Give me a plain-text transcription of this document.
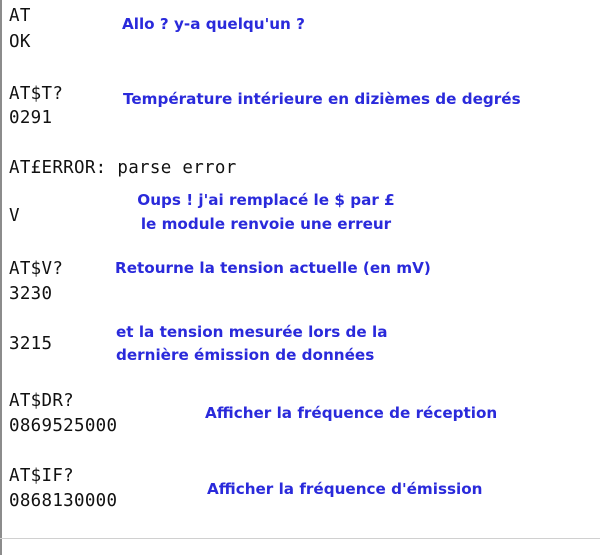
AT
OK
AT$T?
0291
AT£ERROR: parse error
V
AT$V?
3230
3215
AT$DR?
0869525000
AT$IF?
0868130000
Allo ? y-a quelqu'un ?
Température intérieure en dizièmes de degrés
Oups ! j'ai remplacé le $ par £
le module renvoie une erreur
Retourne la tension actuelle (en mV)
et la tension mesurée lors de la
dernière émission de données
Afficher la fréquence de réception
Afficher la fréquence d'émission
